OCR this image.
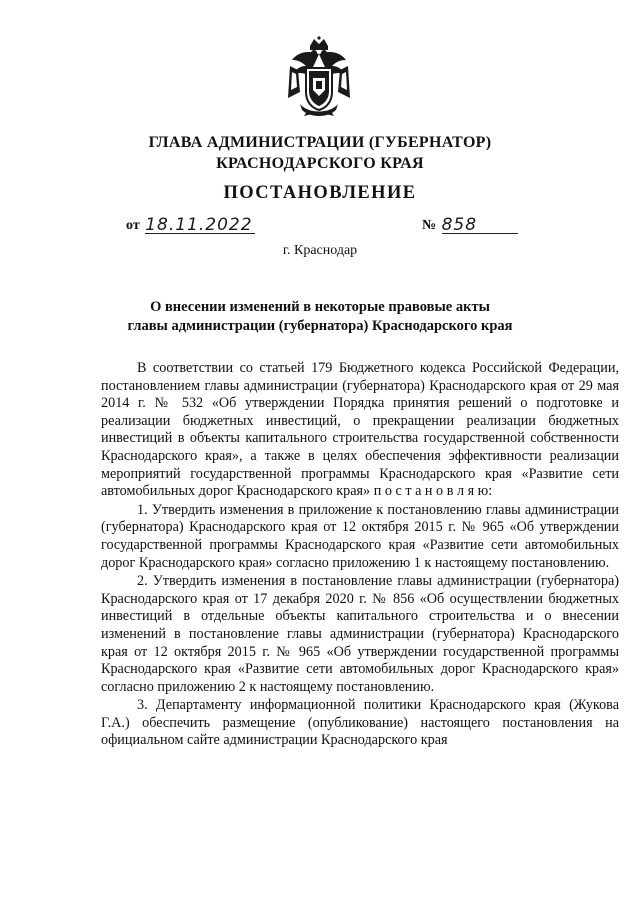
ГЛАВА АДМИНИСТРАЦИИ (ГУБЕРНАТОР)
КРАСНОДАРСКОГО КРАЯ
ПОСТАНОВЛЕНИЕ
от 18.11.2022	№ 858
г. Краснодар
О внесении изменений в некоторые правовые акты
главы администрации (губернатора) Краснодарского края

В соответствии со статьей 179 Бюджетного кодекса Российской Федерации, постановлением главы администрации (губернатора) Краснодарского края от 29 мая 2014 г. № 532 «Об утверждении Порядка принятия решений о подготовке и реализации бюджетных инвестиций, о прекращении реализации бюджетных инвестиций в объекты капитального строительства государственной собственности Краснодарского края», а также в целях обеспечения эффективности реализации мероприятий государственной программы Краснодарского края «Развитие сети автомобильных дорог Краснодарского края» п о с т а н о в л я ю:

1. Утвердить изменения в приложение к постановлению главы администрации (губернатора) Краснодарского края от 12 октября 2015 г. № 965 «Об утверждении государственной программы Краснодарского края «Развитие сети автомобильных дорог Краснодарского края» согласно приложению 1 к настоящему постановлению.

2. Утвердить изменения в постановление главы администрации (губернатора) Краснодарского края от 17 декабря 2020 г. № 856 «Об осуществлении бюджетных инвестиций в отдельные объекты капитального строительства и о внесении изменений в постановление главы администрации (губернатора) Краснодарского края от 12 октября 2015 г. № 965 «Об утверждении государственной программы Краснодарского края «Развитие сети автомобильных дорог Краснодарского края» согласно приложению 2 к настоящему постановлению.

3. Департаменту информационной политики Краснодарского края (Жукова Г.А.) обеспечить размещение (опубликование) настоящего постановления на официальном сайте администрации Краснодарского края
